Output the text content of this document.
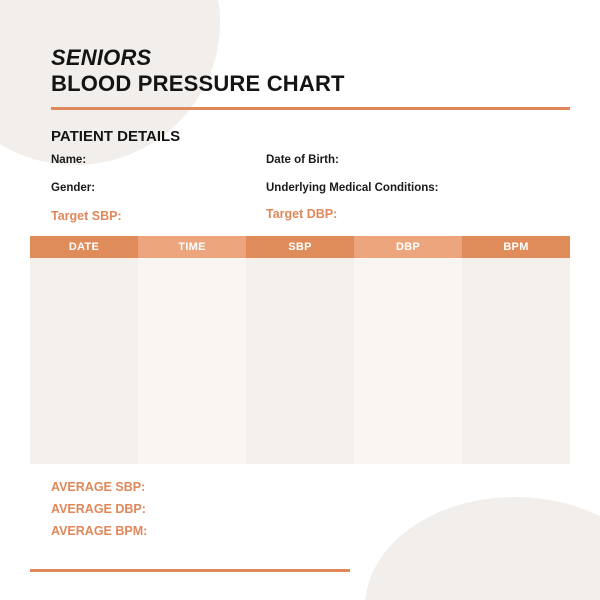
SENIORS
BLOOD PRESSURE CHART
PATIENT DETAILS
Name:	Date of Birth:
Gender:	Underlying Medical Conditions:
Target SBP:	Target DBP:
DATE	TIME	SBP	DBP	BPM
AVERAGE SBP:
AVERAGE DBP:
AVERAGE BPM:
